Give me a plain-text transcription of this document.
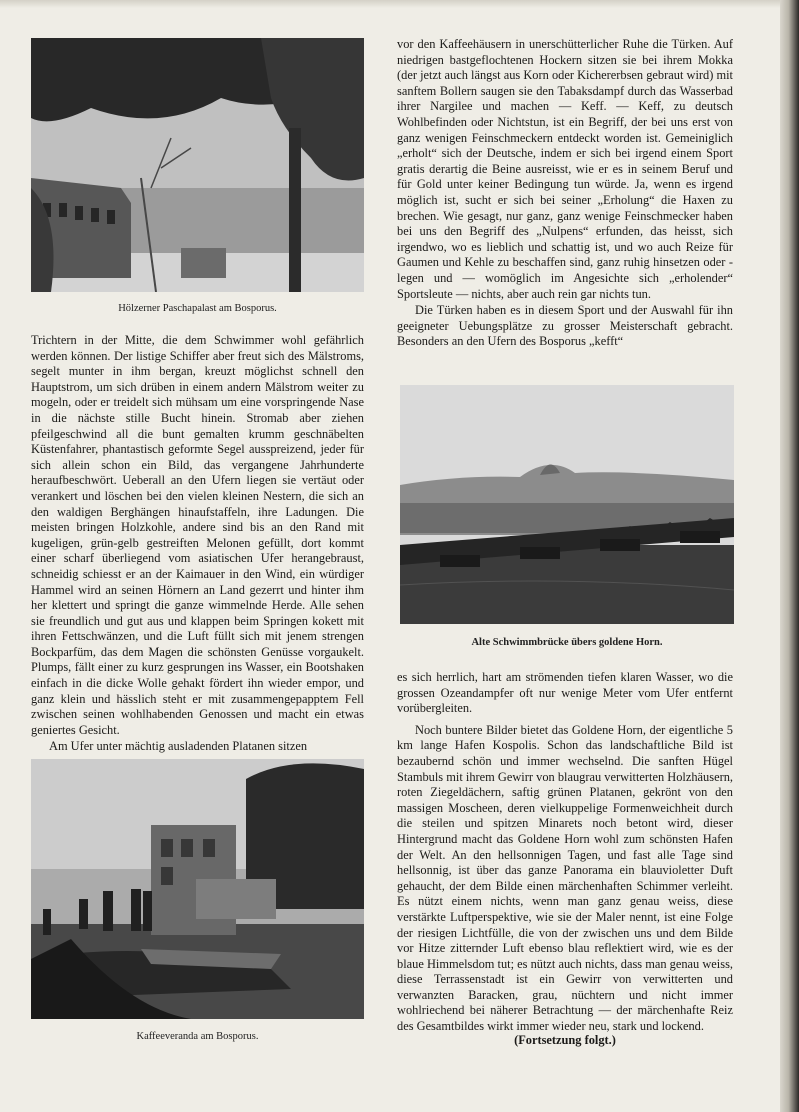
Hölzerner Paschapalast am Bosporus.

Trichtern in der Mitte, die dem Schwimmer wohl gefährlich werden können. Der listige Schiffer aber freut sich des Mälstroms, segelt munter in ihm bergan, kreuzt möglichst schnell den Hauptstrom, um sich drüben in einem andern Mälstrom weiter zu mogeln, oder er treidelt sich mühsam um eine vorspringende Nase in die nächste stille Bucht hinein. Stromab aber ziehen pfeilgeschwind all die bunt gemalten krumm geschnäbelten Küstenfahrer, phantastisch geformte Segel ausspreizend, jeder für sich allein schon ein Bild, das vergangene Jahrhunderte heraufbeschwört. Ueberall an den Ufern liegen sie vertäut oder verankert und löschen bei den vielen kleinen Nestern, die sich an den waldigen Berghängen hinaufstaffeln, ihre Ladungen. Die meisten bringen Holzkohle, andere sind bis an den Rand mit kugeligen, grün-gelb gestreiften Melonen gefüllt, dort kommt einer scharf überliegend vom asiatischen Ufer herangebraust, schneidig schiesst er an der Kaimauer in den Wind, ein würdiger Hammel wird an seinen Hörnern an Land gezerrt und hinter ihm her klettert und springt die ganze wimmelnde Herde. Alle sehen sie freundlich und gut aus und klappen beim Springen kokett mit ihren Fettschwänzen, und die Luft füllt sich mit jenem strengen Bockparfüm, das dem Magen die schönsten Genüsse vorgaukelt. Plumps, fällt einer zu kurz gesprungen ins Wasser, ein Bootshaken einfach in die dicke Wolle gehakt fördert ihn wieder empor, und ganz klein und hässlich steht er mit zusammengepapptem Fell zwischen seinen wohlhabenden Genossen und macht ein etwas geniertes Gesicht.

Am Ufer unter mächtig ausladenden Platanen sitzen

Kaffeeveranda am Bosporus.

vor den Kaffeehäusern in unerschütterlicher Ruhe die Türken. Auf niedrigen bastgeflochtenen Hockern sitzen sie bei ihrem Mokka (der jetzt auch längst aus Korn oder Kichererbsen gebraut wird) mit sanftem Bollern saugen sie den Tabaksdampf durch das Wasserbad ihrer Nargilee und machen — Keff. — Keff, zu deutsch Wohlbefinden oder Nichtstun, ist ein Begriff, der bei uns erst von ganz wenigen Feinschmeckern entdeckt worden ist. Gemeiniglich „erholt“ sich der Deutsche, indem er sich bei irgend einem Sport gratis derartig die Beine ausreisst, wie er es in seinem Beruf und für Gold unter keiner Bedingung tun würde. Ja, wenn es irgend möglich ist, sucht er sich bei seiner „Erholung“ die Haxen zu brechen. Wie gesagt, nur ganz, ganz wenige Feinschmecker haben bei uns den Begriff des „Nulpens“ erfunden, das heisst, sich irgendwo, wo es lieblich und schattig ist, und wo auch Reize für Gaumen und Kehle zu beschaffen sind, ganz ruhig hinsetzen oder -legen und — womöglich im Angesichte sich „erholender“ Sportsleute — nichts, aber auch rein gar nichts tun.

Die Türken haben es in diesem Sport und der Auswahl für ihn geeigneter Uebungsplätze zu grosser Meisterschaft gebracht. Besonders an den Ufern des Bosporus „kefft“

Alte Schwimmbrücke übers goldene Horn.

es sich herrlich, hart am strömenden tiefen klaren Wasser, wo die grossen Ozeandampfer oft nur wenige Meter vom Ufer entfernt vorübergleiten.

Noch buntere Bilder bietet das Goldene Horn, der eigentliche 5 km lange Hafen Kospolis. Schon das landschaftliche Bild ist bezaubernd schön und immer wechselnd. Die sanften Hügel Stambuls mit ihrem Gewirr von blaugrau verwitterten Holzhäusern, roten Ziegeldächern, saftig grünen Platanen, gekrönt von den massigen Moscheen, deren vielkuppelige Formenweichheit durch die steilen und spitzen Minarets noch betont wird, dieser Hintergrund macht das Goldene Horn wohl zum schönsten Hafen der Welt. An den hellsonnigen Tagen, und fast alle Tage sind hellsonnig, ist über das ganze Panorama ein blauvioletter Duft gehaucht, der dem Bilde einen märchenhaften Schimmer verleiht. Es nützt einem nichts, wenn man ganz genau weiss, diese verstärkte Luftperspektive, wie sie der Maler nennt, ist eine Folge der riesigen Lichtfülle, die von der zwischen uns und dem Bilde vor Hitze zitternder Luft ebenso blau reflektiert wird, wie es der blaue Himmelsdom tut; es nützt auch nichts, dass man genau weiss, diese Terrassenstadt ist ein Gewirr von verwitterten und verwanzten Baracken, grau, nüchtern und nicht immer wohlriechend bei näherer Betrachtung — der märchenhafte Reiz des Gesamtbildes wirkt immer wieder neu, stark und lockend.

(Fortsetzung folgt.)
